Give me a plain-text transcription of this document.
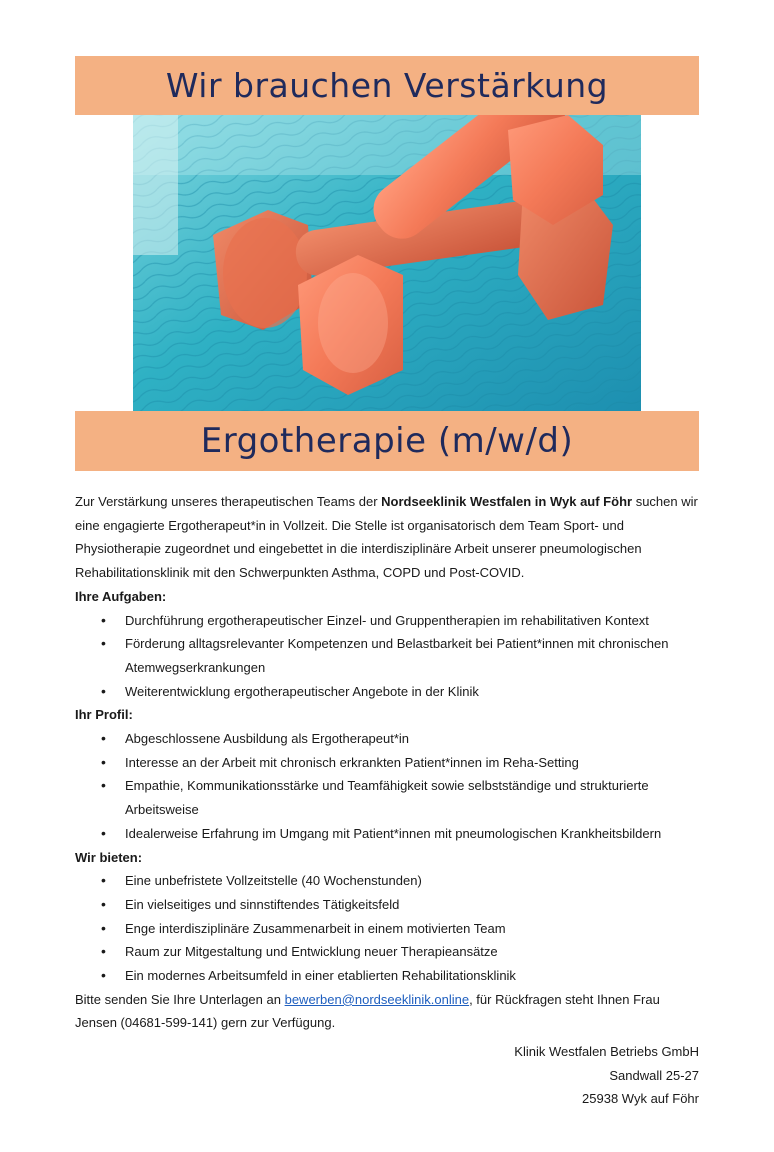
Wir brauchen Verstärkung
Ergotherapie (m/w/d)

Zur Verstärkung unseres therapeutischen Teams der Nordseeklinik Westfalen in Wyk auf Föhr suchen wir eine engagierte Ergotherapeut*in in Vollzeit. Die Stelle ist organisatorisch dem Team Sport- und Physiotherapie zugeordnet und eingebettet in die interdisziplinäre Arbeit unserer pneumologischen Rehabilitationsklinik mit den Schwerpunkten Asthma, COPD und Post-COVID.

Ihre Aufgaben:

• Durchführung ergotherapeutischer Einzel- und Gruppentherapien im rehabilitativen Kontext
• Förderung alltagsrelevanter Kompetenzen und Belastbarkeit bei Patient*innen mit chronischen Atemwegserkrankungen
• Weiterentwicklung ergotherapeutischer Angebote in der Klinik

Ihr Profil:

• Abgeschlossene Ausbildung als Ergotherapeut*in
• Interesse an der Arbeit mit chronisch erkrankten Patient*innen im Reha-Setting
• Empathie, Kommunikationsstärke und Teamfähigkeit sowie selbstständige und strukturierte Arbeitsweise
• Idealerweise Erfahrung im Umgang mit Patient*innen mit pneumologischen Krankheitsbildern

Wir bieten:

• Eine unbefristete Vollzeitstelle (40 Wochenstunden)
• Ein vielseitiges und sinnstiftendes Tätigkeitsfeld
• Enge interdisziplinäre Zusammenarbeit in einem motivierten Team
• Raum zur Mitgestaltung und Entwicklung neuer Therapieansätze
• Ein modernes Arbeitsumfeld in einer etablierten Rehabilitationsklinik

Bitte senden Sie Ihre Unterlagen an bewerben@nordseeklinik.online, für Rückfragen steht Ihnen Frau Jensen (04681-599-141) gern zur Verfügung.

Klinik Westfalen Betriebs GmbH
Sandwall 25-27
25938 Wyk auf Föhr
